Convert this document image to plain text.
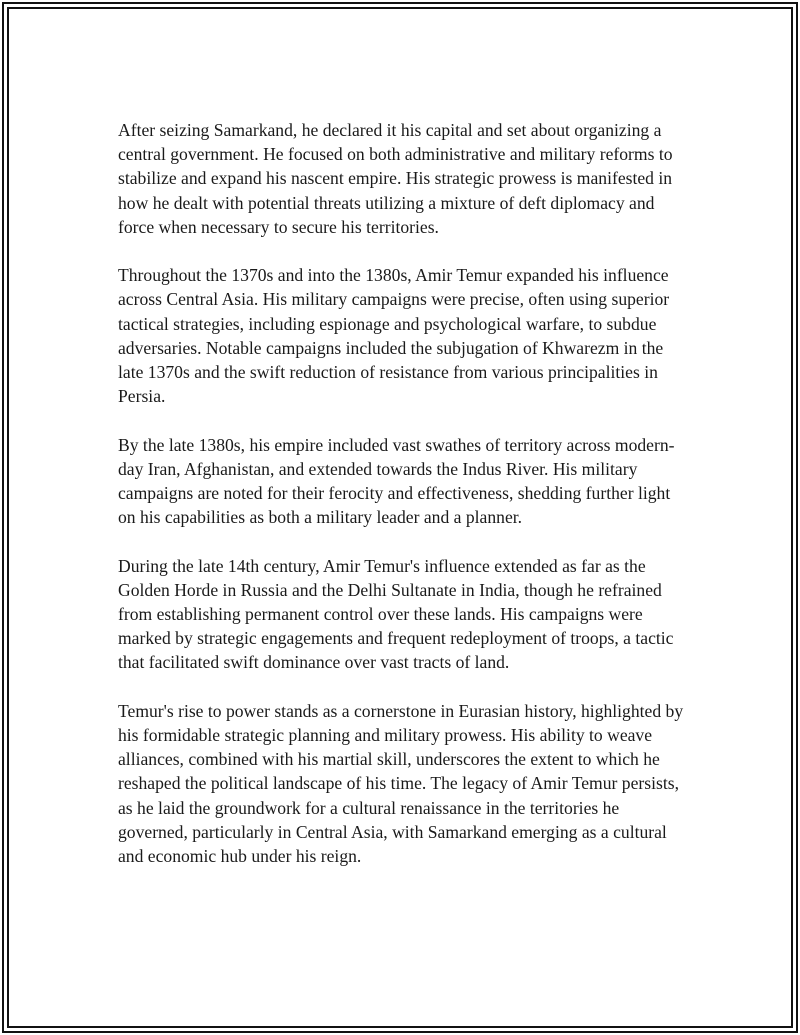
After seizing Samarkand, he declared it his capital and set about organizing a central government. He focused on both administrative and military reforms to stabilize and expand his nascent empire. His strategic prowess is manifested in how he dealt with potential threats utilizing a mixture of deft diplomacy and force when necessary to secure his territories.

Throughout the 1370s and into the 1380s, Amir Temur expanded his influence across Central Asia. His military campaigns were precise, often using superior tactical strategies, including espionage and psychological warfare, to subdue adversaries. Notable campaigns included the subjugation of Khwarezm in the late 1370s and the swift reduction of resistance from various principalities in Persia.

By the late 1380s, his empire included vast swathes of territory across modern-day Iran, Afghanistan, and extended towards the Indus River. His military campaigns are noted for their ferocity and effectiveness, shedding further light on his capabilities as both a military leader and a planner.

During the late 14th century, Amir Temur's influence extended as far as the Golden Horde in Russia and the Delhi Sultanate in India, though he refrained from establishing permanent control over these lands. His campaigns were marked by strategic engagements and frequent redeployment of troops, a tactic that facilitated swift dominance over vast tracts of land.

Temur's rise to power stands as a cornerstone in Eurasian history, highlighted by his formidable strategic planning and military prowess. His ability to weave alliances, combined with his martial skill, underscores the extent to which he reshaped the political landscape of his time. The legacy of Amir Temur persists, as he laid the groundwork for a cultural renaissance in the territories he governed, particularly in Central Asia, with Samarkand emerging as a cultural and economic hub under his reign.
